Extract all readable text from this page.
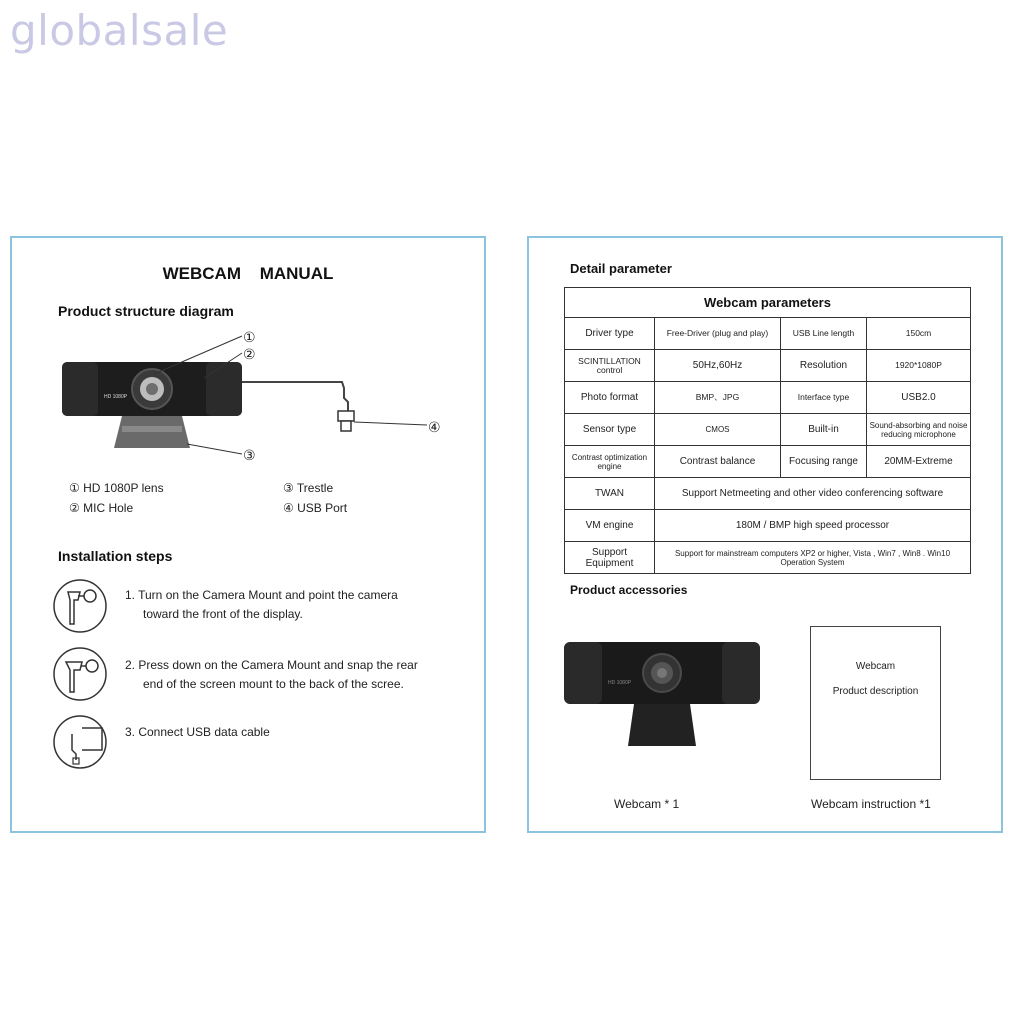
globalsale
WEBCAM MANUAL
Product structure diagram
HD 1080P
①
②
③
④
① HD 1080P lens	③ Trestle
② MIC Hole	④ USB Port
Installation steps
1. Turn on the Camera Mount and point the camera
toward the front of the display.
2. Press down on the Camera Mount and snap the rear
end of the screen mount to the back of the scree.
3. Connect USB data cable
Detail parameter
Webcam parameters			
Driver type	Free-Driver (plug and play)	USB Line length	150cm
SCINTILLATION control	50Hz,60Hz	Resolution	1920*1080P
Photo format	BMP、JPG	Interface type	USB2.0
Sensor type	CMOS	Built-in	Sound-absorbing and noise reducing microphone
Contrast optimization engine	Contrast balance	Focusing range	20MM-Extreme
TWAN	Support Netmeeting and other video conferencing software		
VM engine	180M / BMP high speed processor		
Support Equipment	Support for mainstream computers XP2 or higher, Vista , Win7 , Win8 . Win10 Operation System		
Product accessories
HD 1080P
Webcam
Product description
Webcam * 1	Webcam instruction *1
